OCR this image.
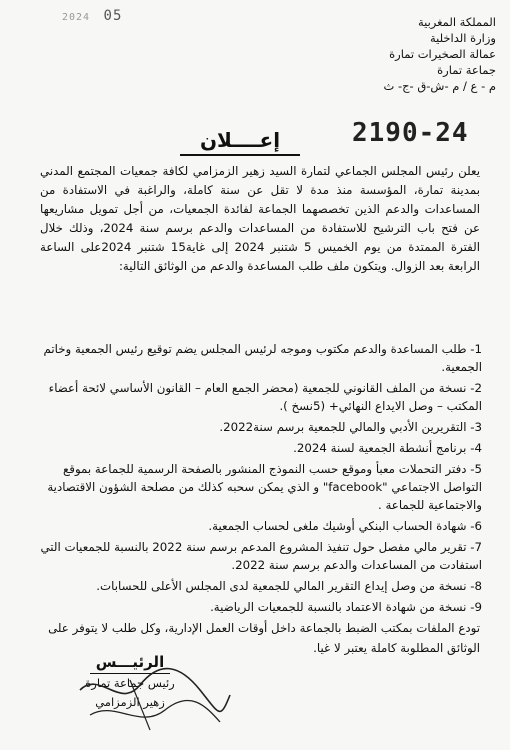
2024 05	المملكة المغربية
وزارة الداخلية
عمالة الصخيرات تمارة
جماعة تمارة
م - ع / م -ش-ق -ج- ث
2190-24
إعــــلان
يعلن رئيس المجلس الجماعي لتمارة السيد زهير الزمزامي لكافة جمعيات المجتمع المدني بمدينة تمارة، المؤسسة منذ مدة لا تقل عن سنة كاملة، والراغبة في الاستفادة من المساعدات والدعم الذين تخصصهما الجماعة لفائدة الجمعيات، من أجل تمويل مشاريعها عن فتح باب الترشيح للاستفادة من المساعدات والدعم برسم سنة 2024، وذلك خلال الفترة الممتدة من يوم الخميس 5 شتنبر 2024 إلى غاية15 شتنبر 2024على الساعة الرابعة بعد الزوال. ويتكون ملف طلب المساعدة والدعم من الوثائق التالية:
1- طلب المساعدة والدعم مكتوب وموجه لرئيس المجلس يضم توقيع رئيس الجمعية وخاتم الجمعية.
2- نسخة من الملف القانوني للجمعية (محضر الجمع العام – القانون الأساسي لائحة أعضاء المكتب – وصل الايداع النهائي+ (5نسخ ).
3- التقريرين الأدبي والمالي للجمعية برسم سنة2022.
4- برنامج أنشطة الجمعية لسنة 2024.
5- دفتر التحملات معبأ وموقع حسب النموذج المنشور بالصفحة الرسمية للجماعة بموقع التواصل الاجتماعي "facebook" و الذي يمكن سحبه كذلك من مصلحة الشؤون الاقتصادية والاجتماعية للجماعة .
6- شهادة الحساب البنكي أوشيك ملغى لحساب الجمعية.
7- تقرير مالي مفصل حول تنفيذ المشروع المدعم برسم سنة 2022 بالنسبة للجمعيات التي استفادت من المساعدات والدعم برسم سنة 2022.
8- نسخة من وصل إيداع التقرير المالي للجمعية لدى المجلس الأعلى للحسابات.
9- نسخة من شهادة الاعتماد بالنسبة للجمعيات الرياضية.
تودع الملفات بمكتب الضبط بالجماعة داخل أوقات العمل الإدارية، وكل طلب لا يتوفر على الوثائق المطلوبة كاملة يعتبر لا غيا.
الرئيـــس
رئيس جماعة تمارة
زهير الزمزامي
